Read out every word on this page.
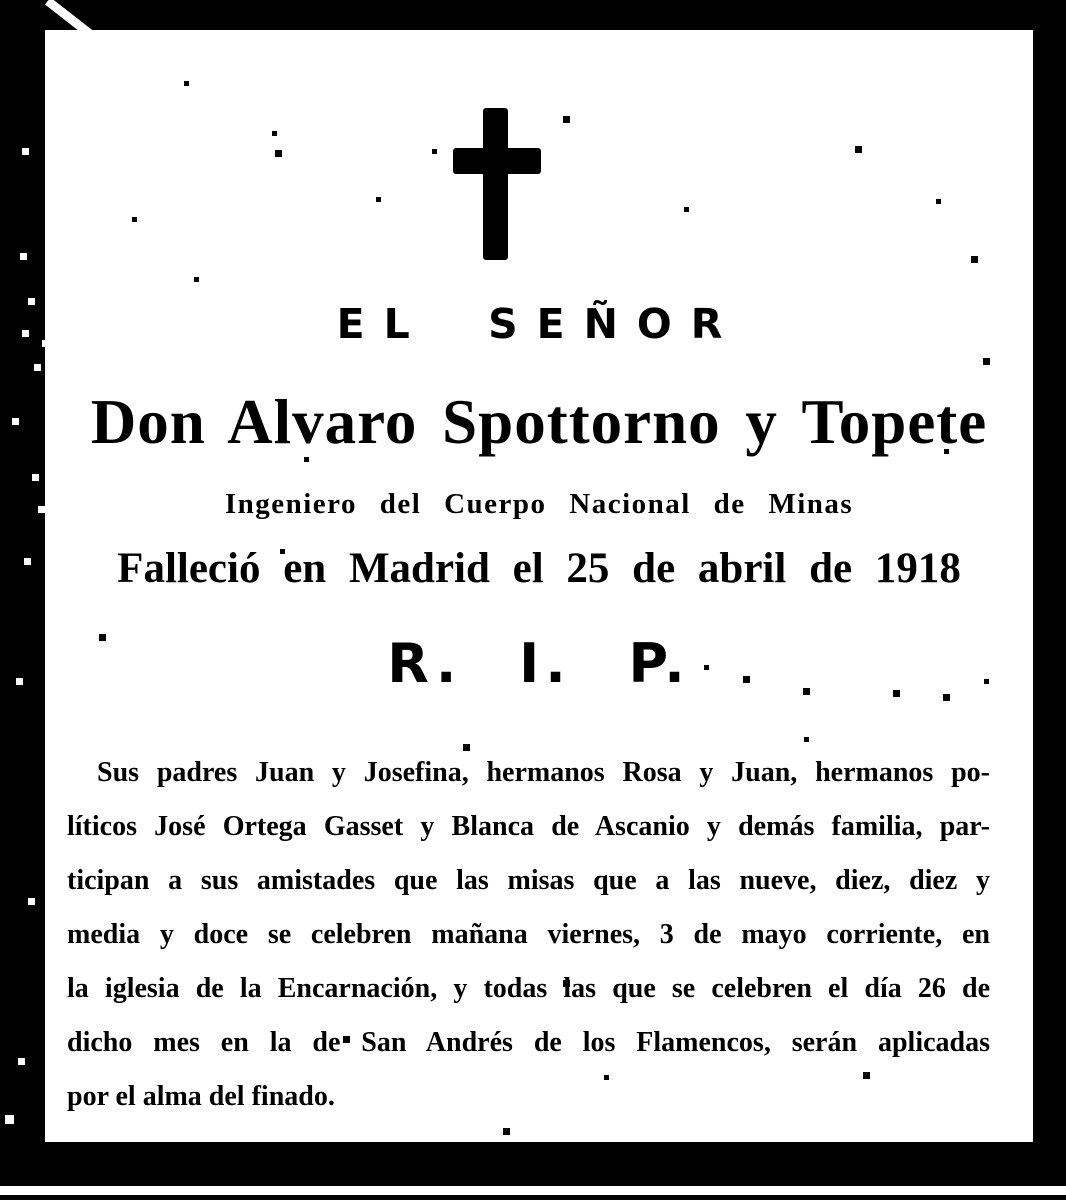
EL SEÑOR
Don Alvaro Spottorno y Topete
Ingeniero del Cuerpo Nacional de Minas
Falleció en Madrid el 25 de abril de 1918
R. I. P.
Sus padres Juan y Josefina, hermanos Rosa y Juan, hermanos po-
líticos José Ortega Gasset y Blanca de Ascanio y demás familia, par-
ticipan a sus amistades que las misas que a las nueve, diez, diez y
media y doce se celebren mañana viernes, 3 de mayo corriente, en
la iglesia de la Encarnación, y todas las que se celebren el día 26 de
dicho mes en la de San Andrés de los Flamencos, serán aplicadas
por el alma del finado.
